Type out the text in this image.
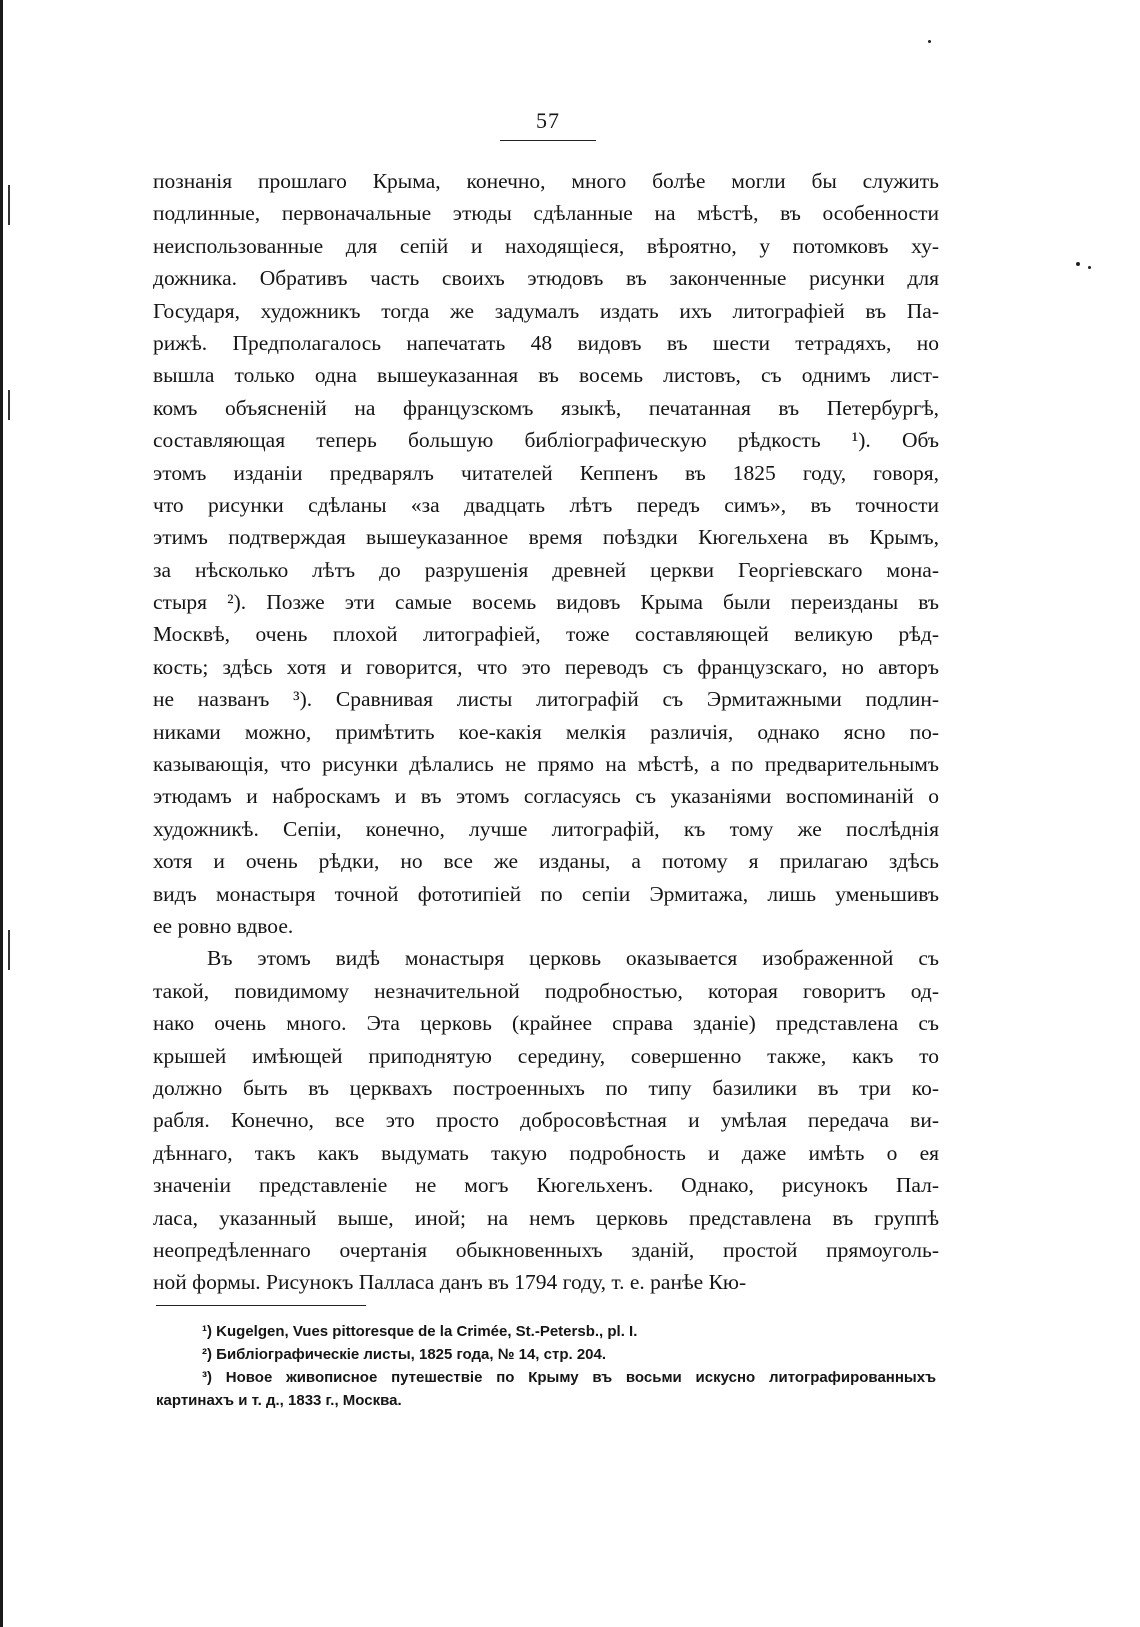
57
познанія прошлаго Крыма, конечно, много болѣе могли бы служить
подлинные, первоначальные этюды сдѣланные на мѣстѣ, въ особенности
неиспользованные для сепій и находящіеся, вѣроятно, у потомковъ ху-
дожника. Обративъ часть своихъ этюдовъ въ законченные рисунки для
Государя, художникъ тогда же задумалъ издать ихъ литографіей въ Па-
рижѣ. Предполагалось напечатать 48 видовъ въ шести тетрадяхъ, но
вышла только одна вышеуказанная въ восемь листовъ, съ однимъ лист-
комъ объясненій на французскомъ языкѣ, печатанная въ Петербургѣ,
составляющая теперь большую библіографическую рѣдкость ¹). Объ
этомъ изданіи предварялъ читателей Кеппенъ въ 1825 году, говоря,
что рисунки сдѣланы «за двадцать лѣтъ передъ симъ», въ точности
этимъ подтверждая вышеуказанное время поѣздки Кюгельхена въ Крымъ,
за нѣсколько лѣтъ до разрушенія древней церкви Георгіевскаго мона-
стыря ²). Позже эти самые восемь видовъ Крыма были переизданы въ
Москвѣ, очень плохой литографіей, тоже составляющей великую рѣд-
кость; здѣсь хотя и говорится, что это переводъ съ французскаго, но авторъ
не названъ ³). Сравнивая листы литографій съ Эрмитажными подлин-
никами можно, примѣтить кое-какія мелкія различія, однако ясно по-
казывающія, что рисунки дѣлались не прямо на мѣстѣ, а по предварительнымъ
этюдамъ и наброскамъ и въ этомъ согласуясь съ указаніями воспоминаній о
художникѣ. Сепіи, конечно, лучше литографій, къ тому же послѣднія
хотя и очень рѣдки, но все же изданы, а потому я прилагаю здѣсь
видъ монастыря точной фототипіей по сепіи Эрмитажа, лишь уменьшивъ
ее ровно вдвое.
Въ этомъ видѣ монастыря церковь оказывается изображенной съ
такой, повидимому незначительной подробностью, которая говоритъ од-
нако очень много. Эта церковь (крайнее справа зданіе) представлена съ
крышей имѣющей приподнятую середину, совершенно также, какъ то
должно быть въ церквахъ построенныхъ по типу базилики въ три ко-
рабля. Конечно, все это просто добросовѣстная и умѣлая передача ви-
дѣннаго, такъ какъ выдумать такую подробность и даже имѣть о ея
значеніи представленіе не могъ Кюгельхенъ. Однако, рисунокъ Пал-
ласа, указанный выше, иной; на немъ церковь представлена въ группѣ
неопредѣленнаго очертанія обыкновенныхъ зданій, простой прямоуголь-
ной формы. Рисунокъ Палласа данъ въ 1794 году, т. е. ранѣе Кю-
¹) Kugelgen, Vues pittoresque de la Crimée, St.-Petersb., pl. I.
²) Библіографическіе листы, 1825 года, № 14, стр. 204.
³) Новое живописное путешествіе по Крыму въ восьми искусно литографированныхъ
картинахъ и т. д., 1833 г., Москва.
